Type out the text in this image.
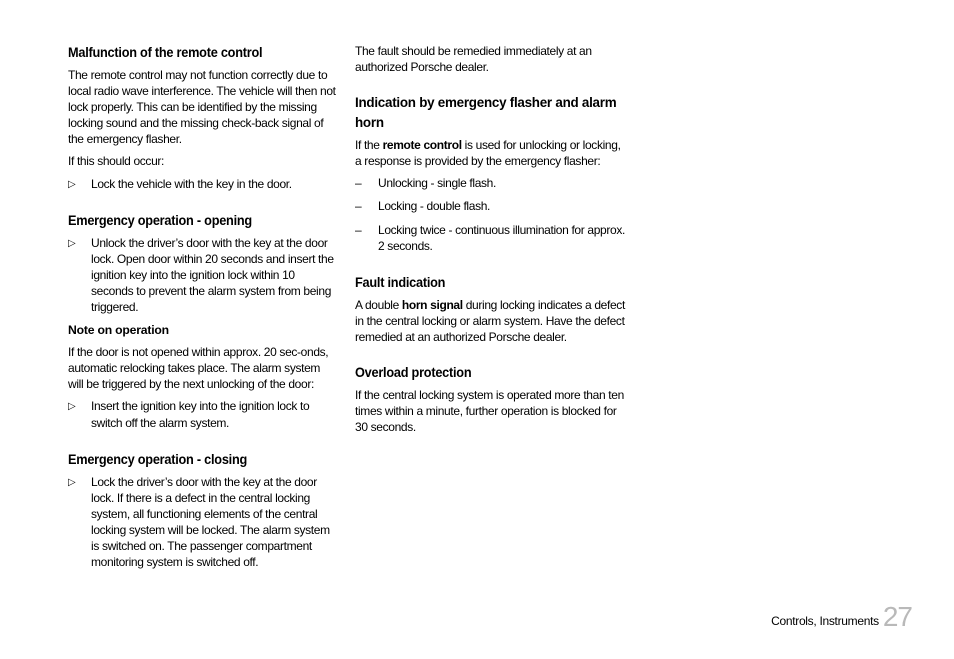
Malfunction of the remote control

The remote control may not function correctly due to local radio wave interference. The vehicle will then not lock properly. This can be identified by the missing locking sound and the missing check-back signal of the emergency flasher.

If this should occur:

▷	Lock the vehicle with the key in the door.
Emergency operation - opening
▷	Unlock the driver’s door with the key at the door lock. Open door within 20 seconds and insert the ignition key into the ignition lock within 10 seconds to prevent the alarm system from being triggered.
Note on operation

If the door is not opened within approx. 20 sec-onds, automatic relocking takes place. The alarm system will be triggered by the next unlocking of the door:

▷	Insert the ignition key into the ignition lock to switch off the alarm system.
Emergency operation - closing
▷	Lock the driver’s door with the key at the door lock. If there is a defect in the central locking system, all functioning elements of the central locking system will be locked. The alarm system is switched on. The passenger compartment monitoring system is switched off.

The fault should be remedied immediately at an authorized Porsche dealer.

Indication by emergency flasher and alarm horn

If the remote control is used for unlocking or locking, a response is provided by the emergency flasher:

–	Unlocking - single flash.
–	Locking - double flash.
–	Locking twice - continuous illumination for approx. 2 seconds.
Fault indication

A double horn signal during locking indicates a defect in the central locking or alarm system. Have the defect remedied at an authorized Porsche dealer.

Overload protection

If the central locking system is operated more than ten times within a minute, further operation is blocked for 30 seconds.

Controls, Instruments 27
